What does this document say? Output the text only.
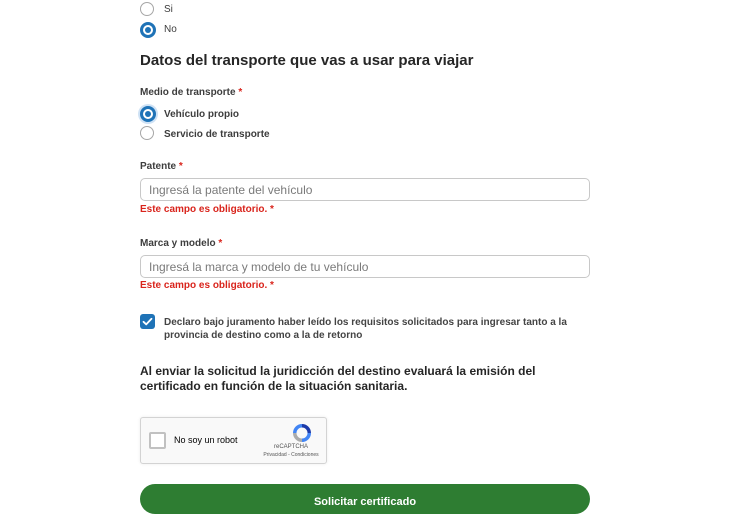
Si
No
Datos del transporte que vas a usar para viajar
Medio de transporte *
Vehículo propio
Servicio de transporte
Patente *
Ingresá la patente del vehículo
Este campo es obligatorio. *
Marca y modelo *
Ingresá la marca y modelo de tu vehículo
Este campo es obligatorio. *
Declaro bajo juramento haber leído los requisitos solicitados para ingresar tanto a la provincia de destino como a la de retorno
Al enviar la solicitud la juridicción del destino evaluará la emisión del certificado en función de la situación sanitaria.
No soy un robot
reCAPTCHA
Privacidad - Condiciones
Solicitar certificado
